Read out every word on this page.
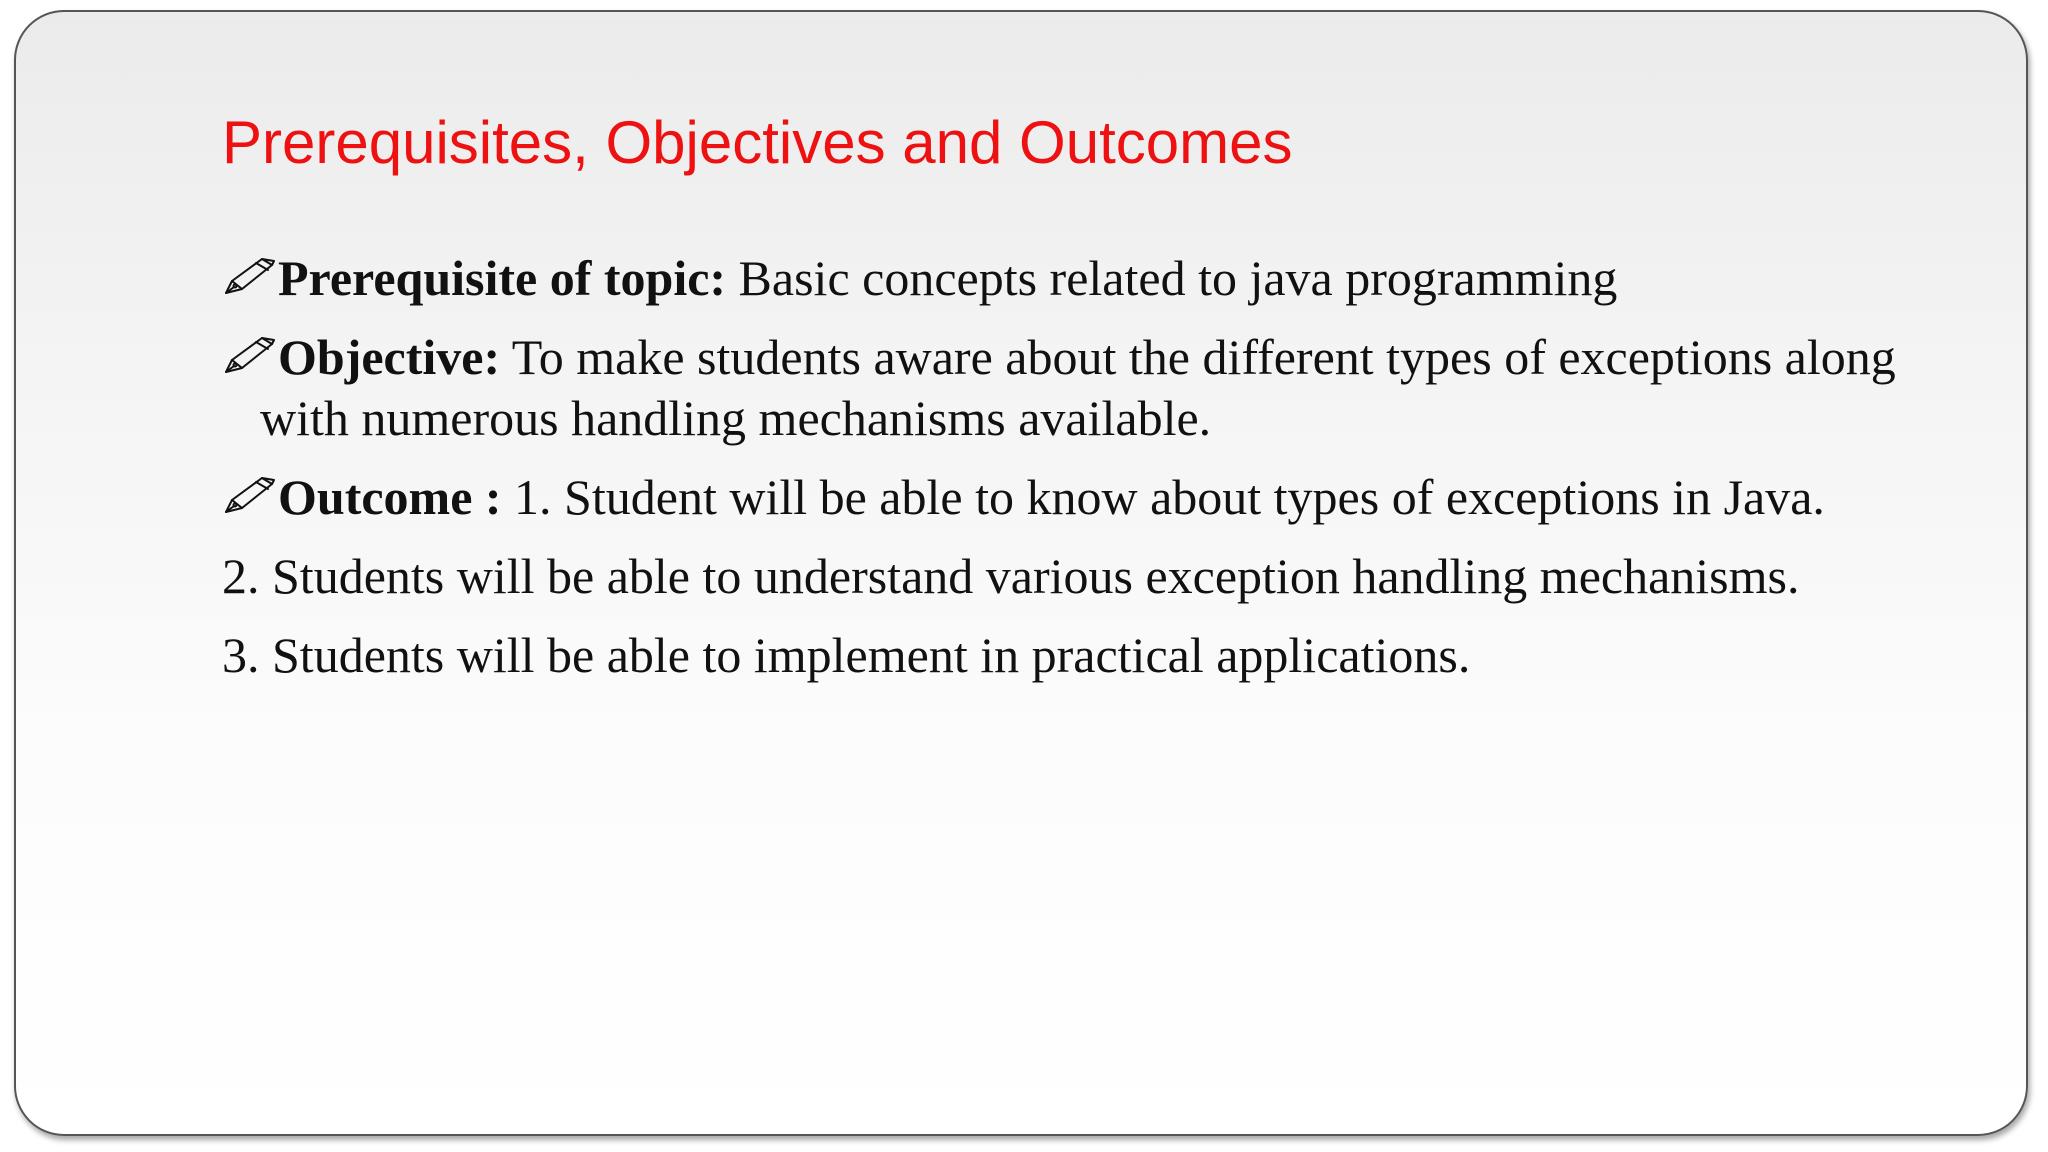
Prerequisites, Objectives and Outcomes

Prerequisite of topic: Basic concepts related to java programming

Objective: To make students aware about the different types of exceptions along with numerous handling mechanisms available.

Outcome : 1. Student will be able to know about types of exceptions in Java.

2. Students will be able to understand various exception handling mechanisms.

3. Students will be able to implement in practical applications.
